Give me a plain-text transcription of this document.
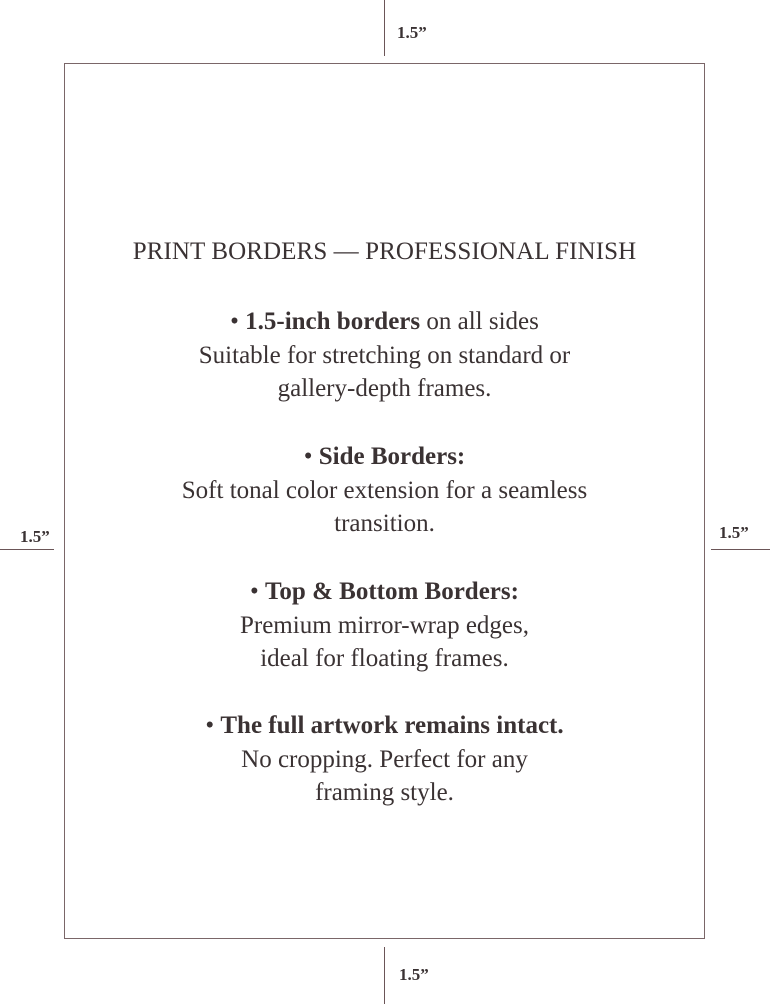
1.5”
1.5”
1.5”	1.5”
PRINT BORDERS — PROFESSIONAL FINISH

• 1.5-inch borders on all sides

Suitable for stretching on standard or

gallery-depth frames.

• Side Borders:

Soft tonal color extension for a seamless

transition.

• Top & Bottom Borders:

Premium mirror-wrap edges,

ideal for floating frames.

• The full artwork remains intact.

No cropping. Perfect for any

framing style.
